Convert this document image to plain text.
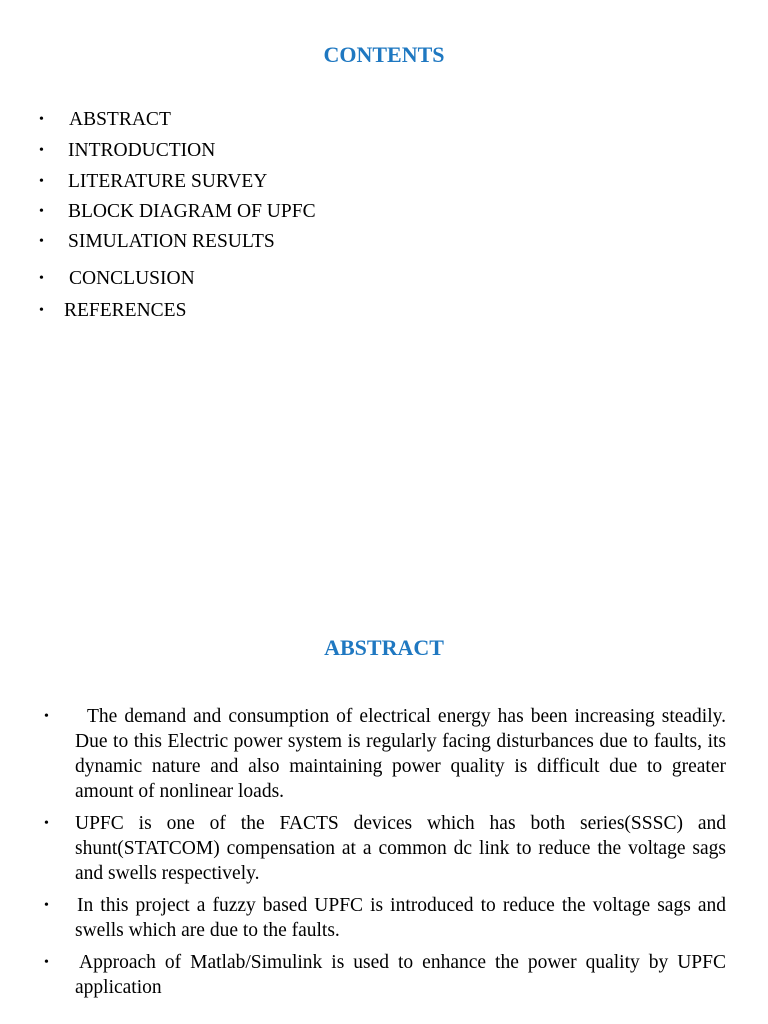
CONTENTS
• ABSTRACT
• INTRODUCTION
• LITERATURE SURVEY
• BLOCK DIAGRAM OF UPFC
• SIMULATION RESULTS
• CONCLUSION
• REFERENCES
ABSTRACT
•	The demand and consumption of electrical energy has been increasing steadily. Due to this Electric power system is regularly facing disturbances due to faults, its dynamic nature and also maintaining power quality is difficult due to greater amount of nonlinear loads.
• UPFC is one of the FACTS devices which has both series(SSSC) and shunt(STATCOM) compensation at a common dc link to reduce the voltage sags and swells respectively.
• In this project a fuzzy based UPFC is introduced to reduce the voltage sags and swells which are due to the faults.
• Approach of Matlab/Simulink is used to enhance the power quality by UPFC application
